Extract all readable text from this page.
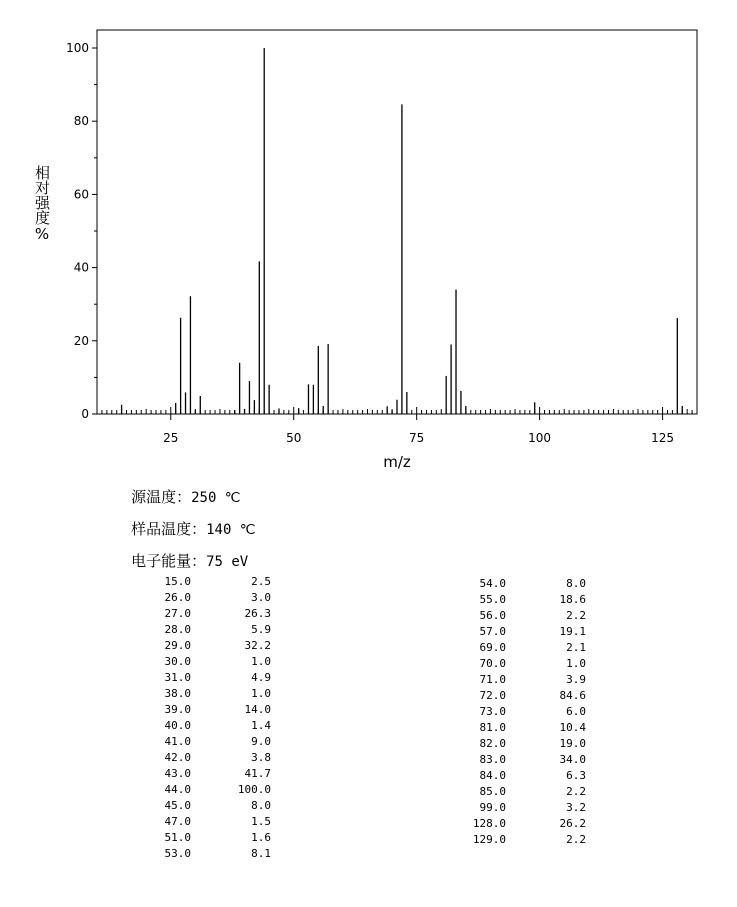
0
20
40
60
80
100
25	50	75	100	125
m/z
相对强度%

源温度：250 ℃

样品温度：140 ℃

电子能量：75 eV

15.0	2.5
26.0	3.0
27.0	26.3
28.0	5.9
29.0	32.2
30.0	1.0
31.0	4.9
38.0	1.0
39.0	14.0
40.0	1.4
41.0	9.0
42.0	3.8
43.0	41.7
44.0	100.0
45.0	8.0
47.0	1.5
51.0	1.6
53.0	8.1
54.0	8.0
55.0	18.6
56.0	2.2
57.0	19.1
69.0	2.1
70.0	1.0
71.0	3.9
72.0	84.6
73.0	6.0
81.0	10.4
82.0	19.0
83.0	34.0
84.0	6.3
85.0	2.2
99.0	3.2
128.0	26.2
129.0	2.2
